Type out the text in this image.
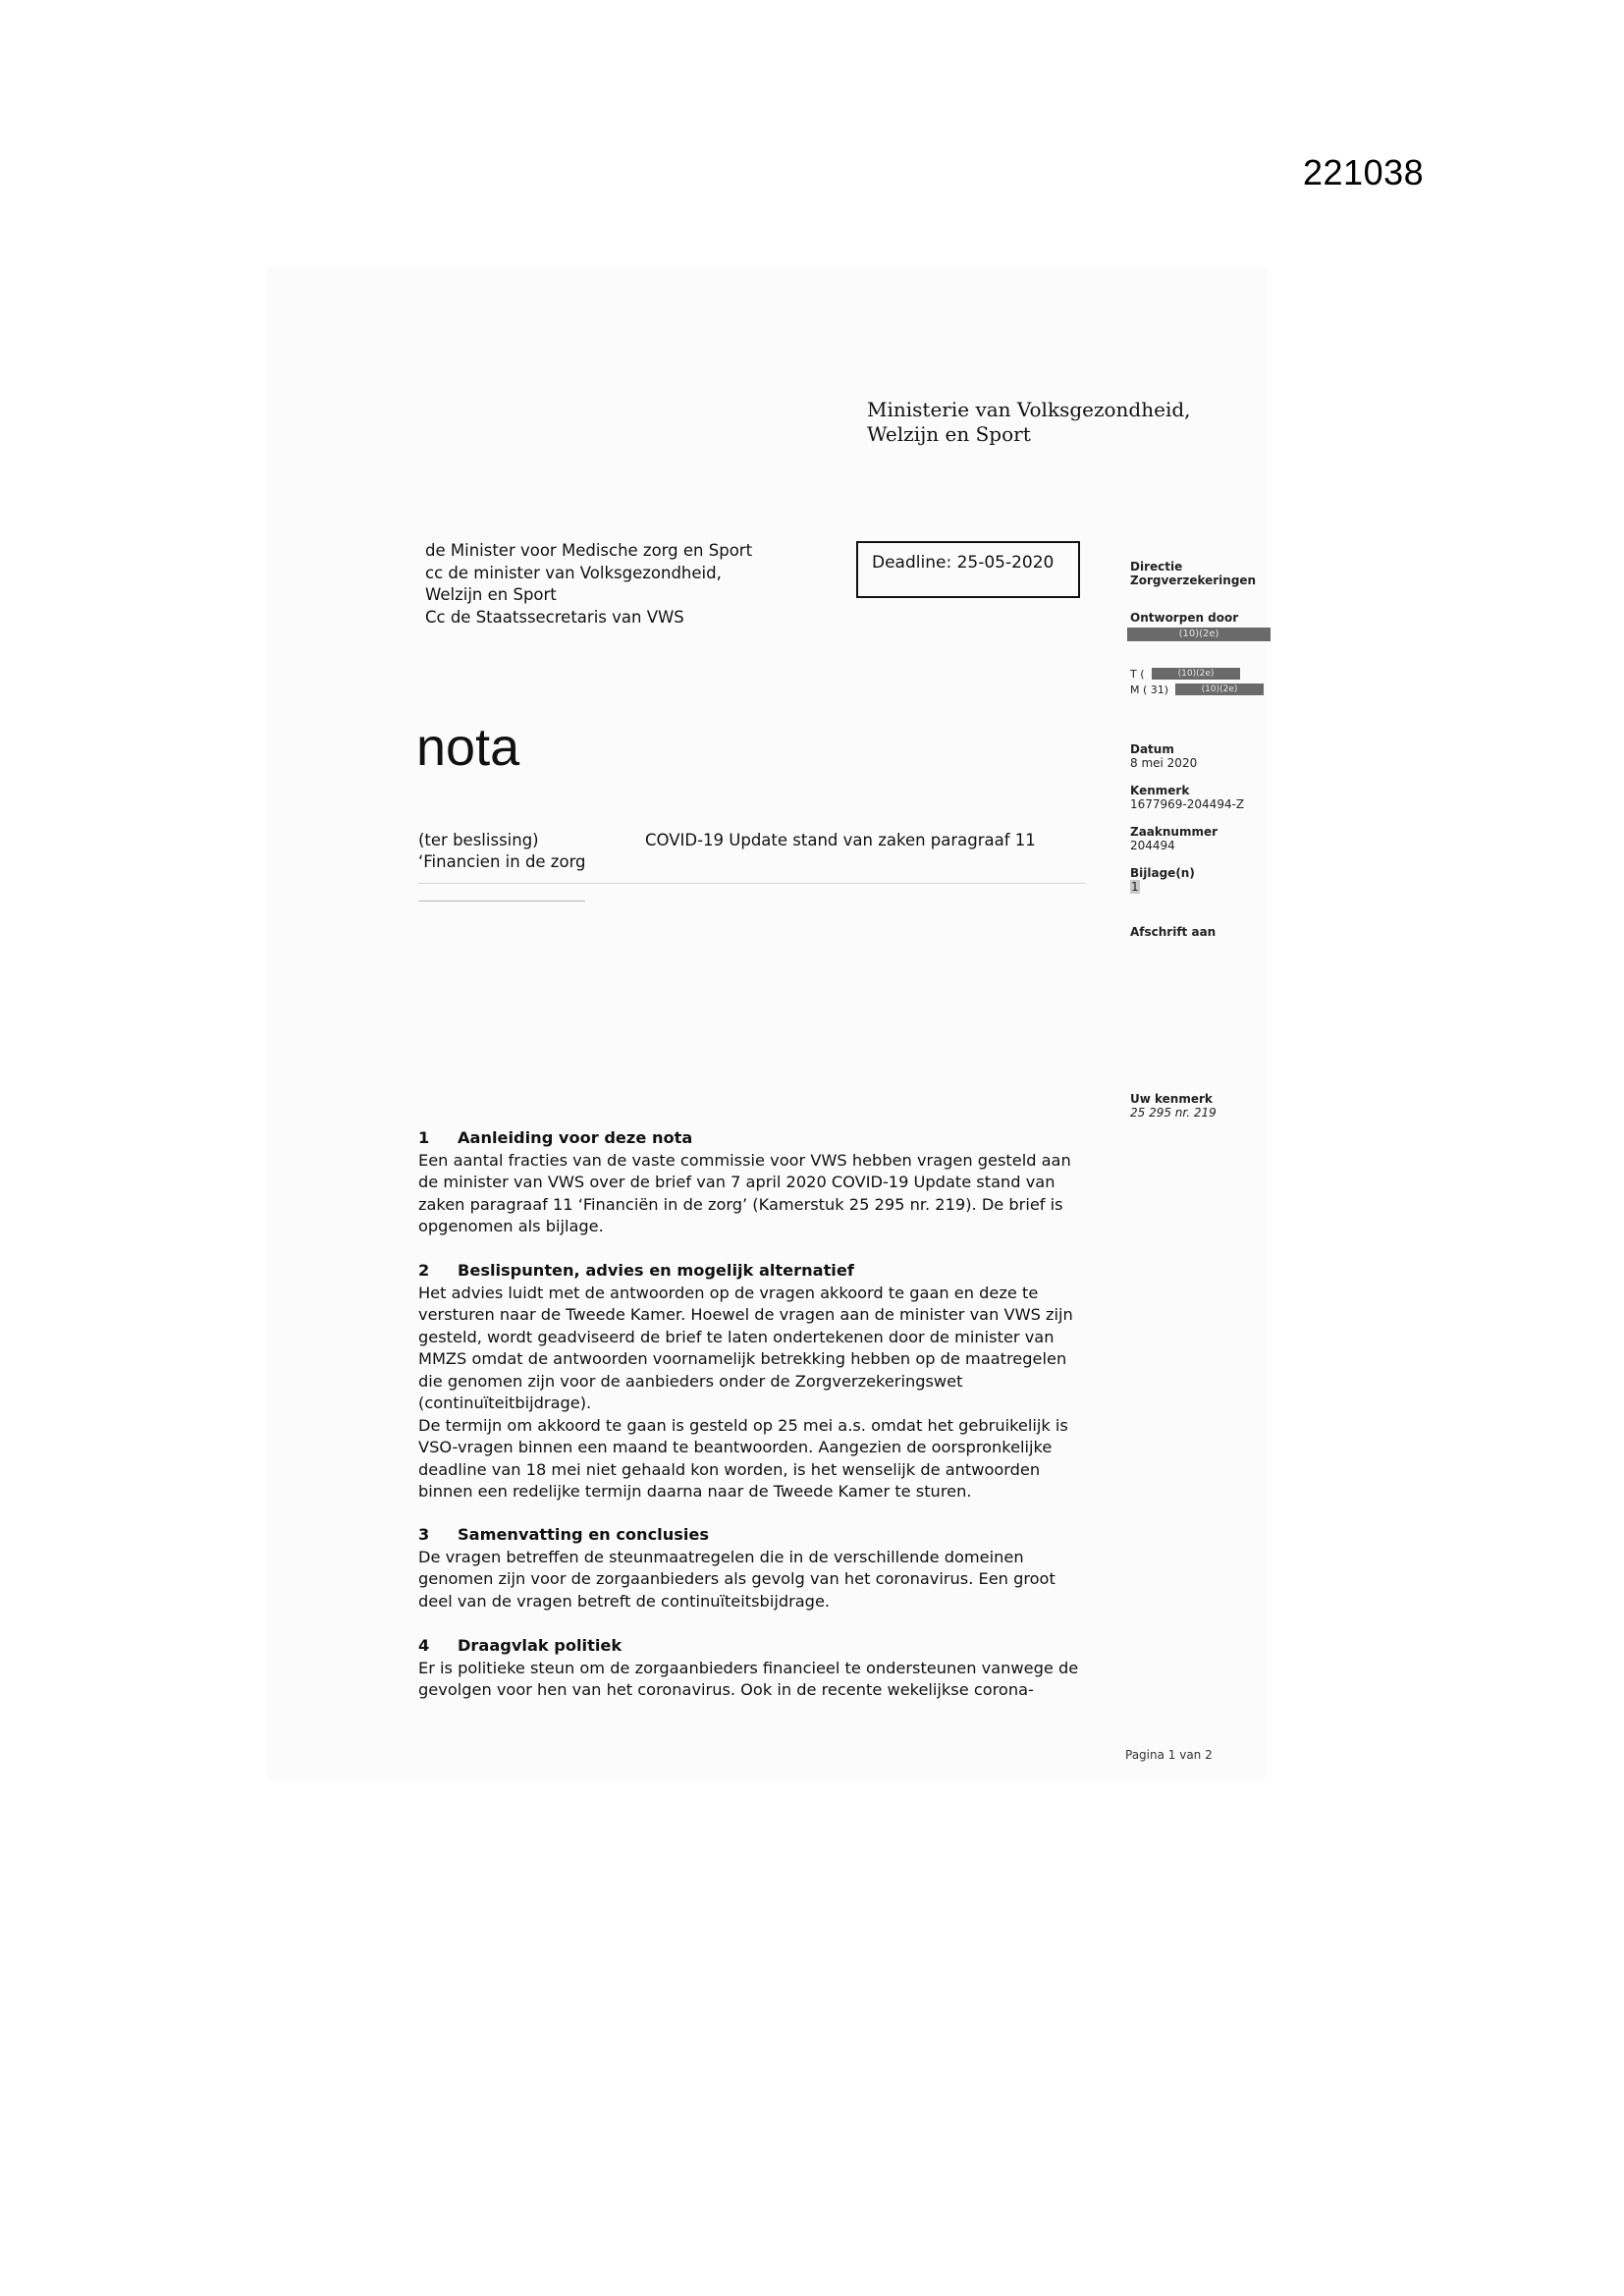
221038
Ministerie van Volksgezondheid,
Welzijn en Sport
de Minister voor Medische zorg en Sport
cc de minister van Volksgezondheid,
Welzijn en Sport
Cc de Staatssecretaris van VWS
Deadline: 25-05-2020
nota
(ter beslissing)
‘Financien in de zorg
COVID-19 Update stand van zaken paragraaf 11
Directie
Zorgverzekeringen
Ontworpen door
(10)(2e)
T (	(10)(2e)
M ( 31)	(10)(2e)
Datum
8 mei 2020
Kenmerk
1677969-204494-Z
Zaaknummer
204494
Bijlage(n)
1
Afschrift aan
Uw kenmerk
25 295 nr. 219
1 Aanleiding voor deze nota
Een aantal fracties van de vaste commissie voor VWS hebben vragen gesteld aan
de minister van VWS over de brief van 7 april 2020 COVID-19 Update stand van
zaken paragraaf 11 ‘Financiën in de zorg’ (Kamerstuk 25 295 nr. 219). De brief is
opgenomen als bijlage.
2 Beslispunten, advies en mogelijk alternatief
Het advies luidt met de antwoorden op de vragen akkoord te gaan en deze te
versturen naar de Tweede Kamer. Hoewel de vragen aan de minister van VWS zijn
gesteld, wordt geadviseerd de brief te laten ondertekenen door de minister van
MMZS omdat de antwoorden voornamelijk betrekking hebben op de maatregelen
die genomen zijn voor de aanbieders onder de Zorgverzekeringswet
(continuïteitbijdrage).
De termijn om akkoord te gaan is gesteld op 25 mei a.s. omdat het gebruikelijk is
VSO-vragen binnen een maand te beantwoorden. Aangezien de oorspronkelijke
deadline van 18 mei niet gehaald kon worden, is het wenselijk de antwoorden
binnen een redelijke termijn daarna naar de Tweede Kamer te sturen.
3 Samenvatting en conclusies
De vragen betreffen de steunmaatregelen die in de verschillende domeinen
genomen zijn voor de zorgaanbieders als gevolg van het coronavirus. Een groot
deel van de vragen betreft de continuïteitsbijdrage.
4 Draagvlak politiek
Er is politieke steun om de zorgaanbieders financieel te ondersteunen vanwege de
gevolgen voor hen van het coronavirus. Ook in de recente wekelijkse corona-
Pagina 1 van 2
